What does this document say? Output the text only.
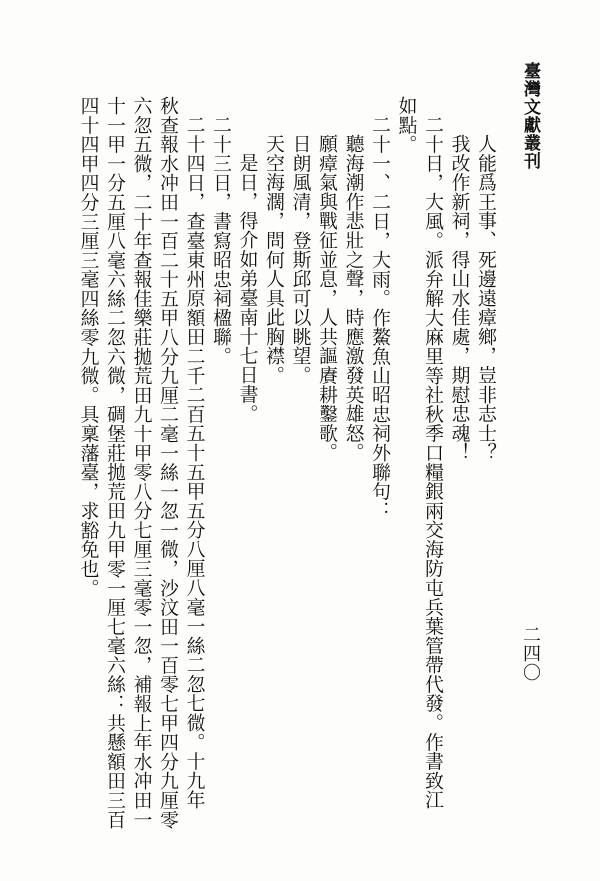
臺灣文獻叢刊
二四〇

人能爲王事、死邊遠瘴鄉，豈非志士？

我改作新祠，得山水佳處，期慰忠魂！

二十日，大風。派弁解大麻里等社秋季口糧銀兩交海防屯兵葉管帶代發。作書致江

如點。

二十一、二日，大雨。作鰲魚山昭忠祠外聯句：

聽海潮作悲壯之聲，時應激發英雄怒。

願瘴氣與戰征並息，人共謳賡耕鑿歌。

日朗風清，登斯邱可以眺望。

天空海濶，問何人具此胸襟。

是日，得介如弟臺南十七日書。

二十三日，書寫昭忠祠楹聯。

二十四日，查臺東州原額田二千二百五十五甲五分八厘八毫一絲二忽七微。十九年

秋查報水冲田一百二十五甲八分九厘二毫一絲一忽一微，沙汶田一百零七甲四分九厘零

六忽五微，二十年查報佳樂莊拋荒田九十甲零八分七厘三毫零一忽，補報上年水冲田一

十一甲一分五厘八毫六絲二忽六微，碉堡莊拋荒田九甲零一厘七毫六絲：共懸額田三百

四十四甲四分三厘三毫四絲零九微。具稟藩臺，求豁免也。
